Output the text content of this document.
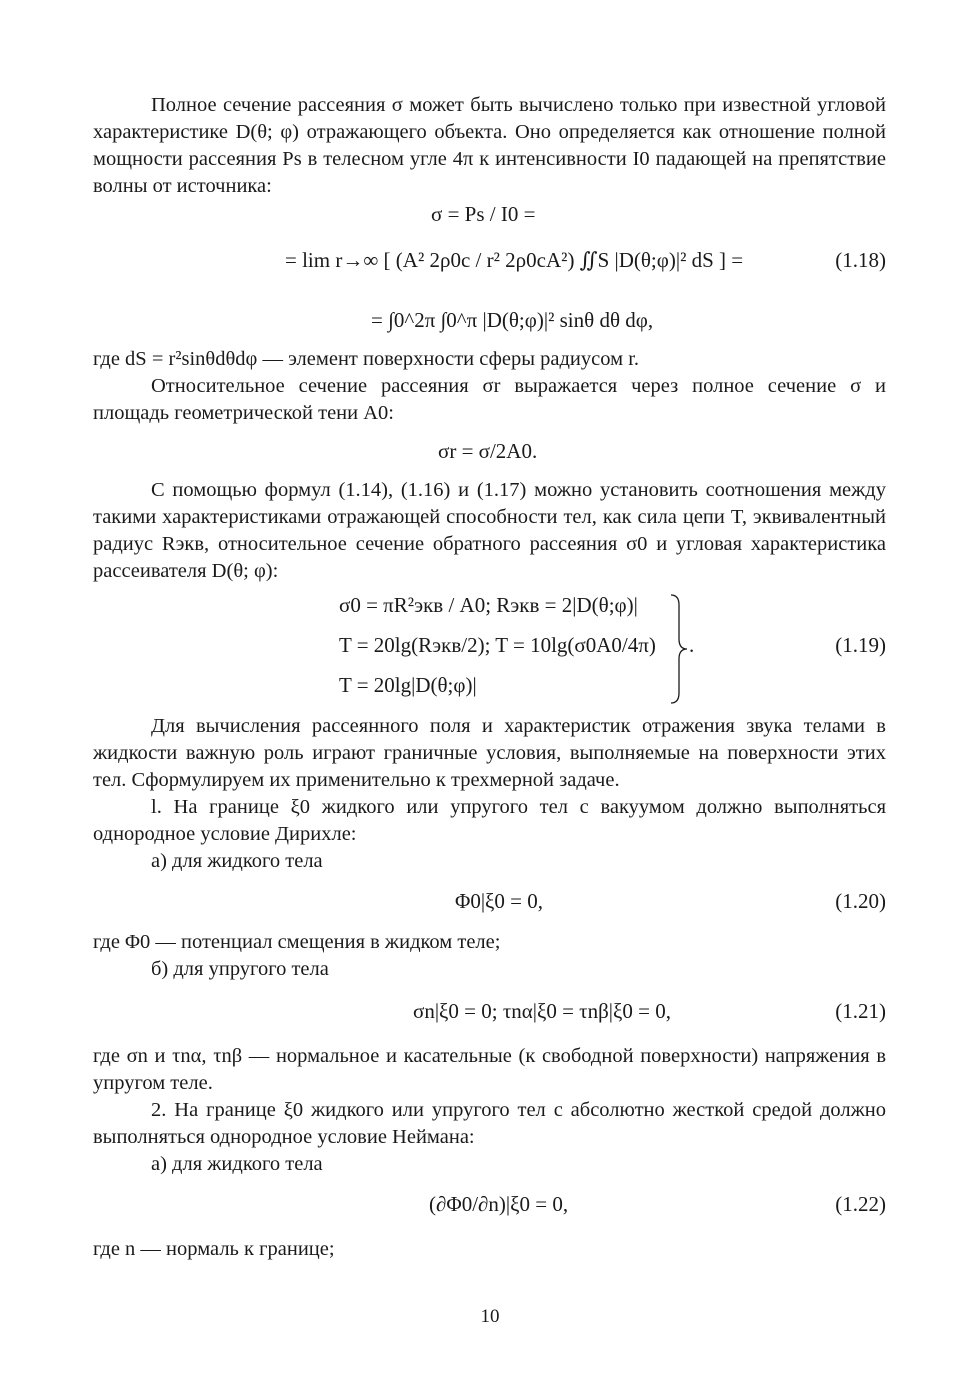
Полное сечение рассеяния σ может быть вычислено только при известной угловой характеристике D(θ; φ) отражающего объекта. Оно определяется как отношение полной мощности рассеяния Ps в телесном угле 4π к интенсивности I0 падающей на препятствие волны от источника:

σ = Ps / I0 =
= lim r→∞ [ (A² 2ρ0c / r² 2ρ0cA²) ∬S |D(θ;φ)|² dS ] =
= ∫0^2π ∫0^π |D(θ;φ)|² sinθ dθ dφ,
(1.18)

где dS = r²sinθdθdφ — элемент поверхности сферы радиусом r.

Относительное сечение рассеяния σr выражается через полное сечение σ и площадь геометрической тени A0:

σr = σ/2A0.

С помощью формул (1.14), (1.16) и (1.17) можно установить соотношения между такими характеристиками отражающей способности тел, как сила цепи T, эквивалентный радиус Rэкв, относительное сечение обратного рассеяния σ0 и угловая характеристика рассеивателя D(θ; φ):

σ0 = πR²экв / A0; Rэкв = 2|D(θ;φ)|
T = 20lg(Rэкв/2); T = 10lg(σ0A0/4π)
T = 20lg|D(θ;φ)|
.	(1.19)

Для вычисления рассеянного поля и характеристик отражения звука телами в жидкости важную роль играют граничные условия, выполняемые на поверхности этих тел. Сформулируем их применительно к трехмерной задаче.

l. На границе ξ0 жидкого или упругого тел с вакуумом должно выполняться однородное условие Дирихле:

а) для жидкого тела

Φ0|ξ0 = 0,	(1.20)

где Φ0 — потенциал смещения в жидком теле;

б) для упругого тела

σn|ξ0 = 0; τnα|ξ0 = τnβ|ξ0 = 0,	(1.21)

где σn и τnα, τnβ — нормальное и касательные (к свободной поверхности) напряжения в упругом теле.

2. На границе ξ0 жидкого или упругого тел с абсолютно жесткой средой должно выполняться однородное условие Неймана:

а) для жидкого тела

(∂Φ0/∂n)|ξ0 = 0,	(1.22)

где n — нормаль к границе;

10
